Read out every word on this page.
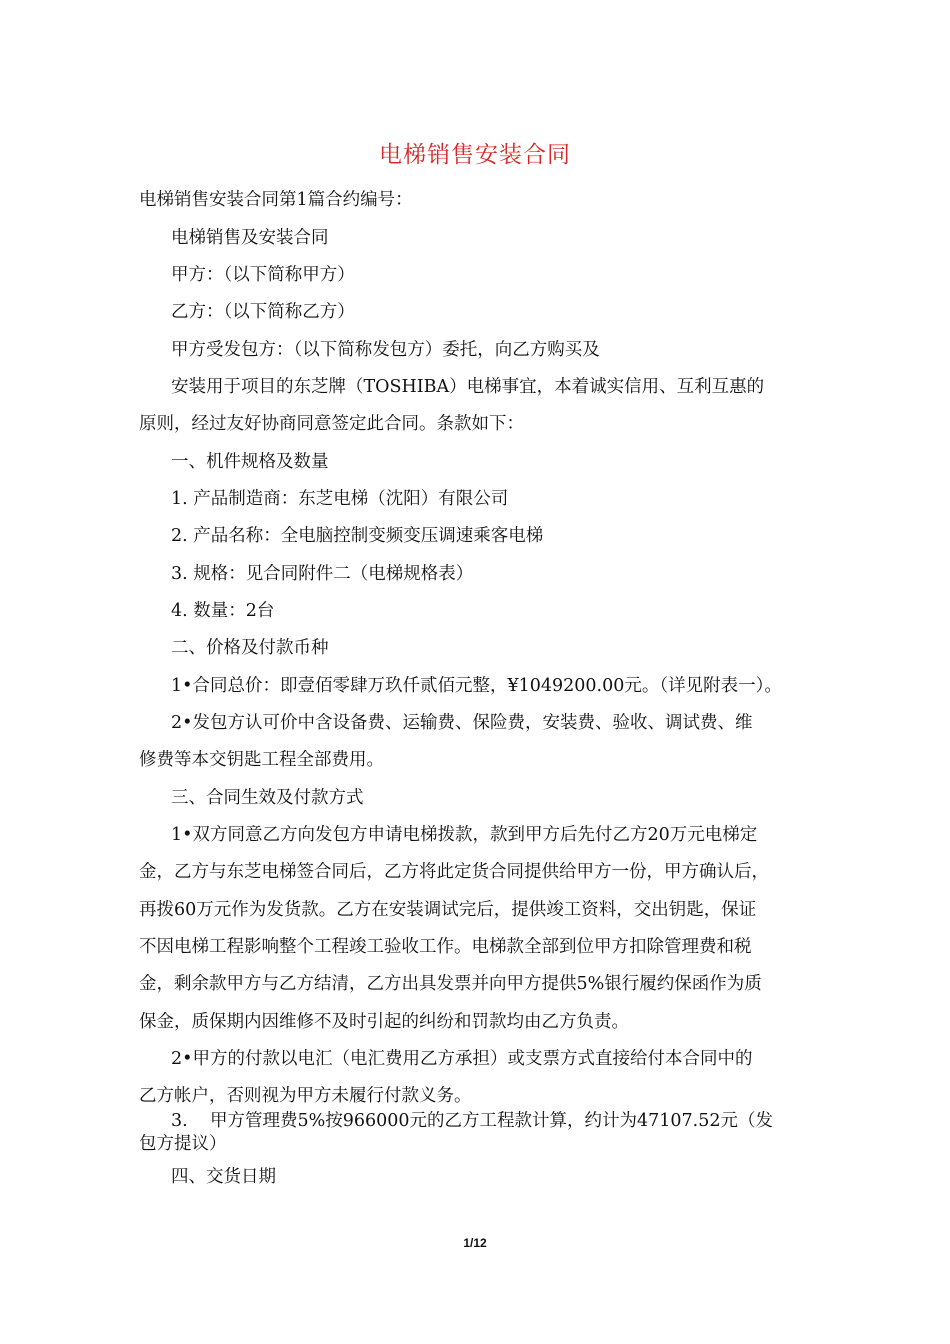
电梯销售安装合同
电梯销售安装合同第1篇合约编号：
电梯销售及安装合同
甲方：（以下简称甲方）
乙方：（以下简称乙方）
甲方受发包方：（以下简称发包方）委托，向乙方购买及
安装用于项目的东芝牌（TOSHIBA）电梯事宜，本着诚实信用、互利互惠的
原则，经过友好协商同意签定此合同。条款如下：
一、机件规格及数量
1. 产品制造商：东芝电梯（沈阳）有限公司
2. 产品名称：全电脑控制变频变压调速乘客电梯
3. 规格：见合同附件二（电梯规格表）
4. 数量：2台
二、价格及付款币种
1•合同总价：即壹佰零肆万玖仟贰佰元整，¥1049200.00元。（详见附表一）。
2•发包方认可价中含设备费、运输费、保险费，安装费、验收、调试费、维
修费等本交钥匙工程全部费用。
三、合同生效及付款方式
1•双方同意乙方向发包方申请电梯拨款，款到甲方后先付乙方20万元电梯定
金，乙方与东芝电梯签合同后，乙方将此定货合同提供给甲方一份，甲方确认后，
再拨60万元作为发货款。乙方在安装调试完后，提供竣工资料，交出钥匙，保证
不因电梯工程影响整个工程竣工验收工作。电梯款全部到位甲方扣除管理费和税
金，剩余款甲方与乙方结清，乙方出具发票并向甲方提供5%银行履约保函作为质
保金，质保期内因维修不及时引起的纠纷和罚款均由乙方负责。
2•甲方的付款以电汇（电汇费用乙方承担）或支票方式直接给付本合同中的
乙方帐户，否则视为甲方未履行付款义务。
3.    甲方管理费5%按966000元的乙方工程款计算，约计为47107.52元（发
包方提议）
四、交货日期
1/12
